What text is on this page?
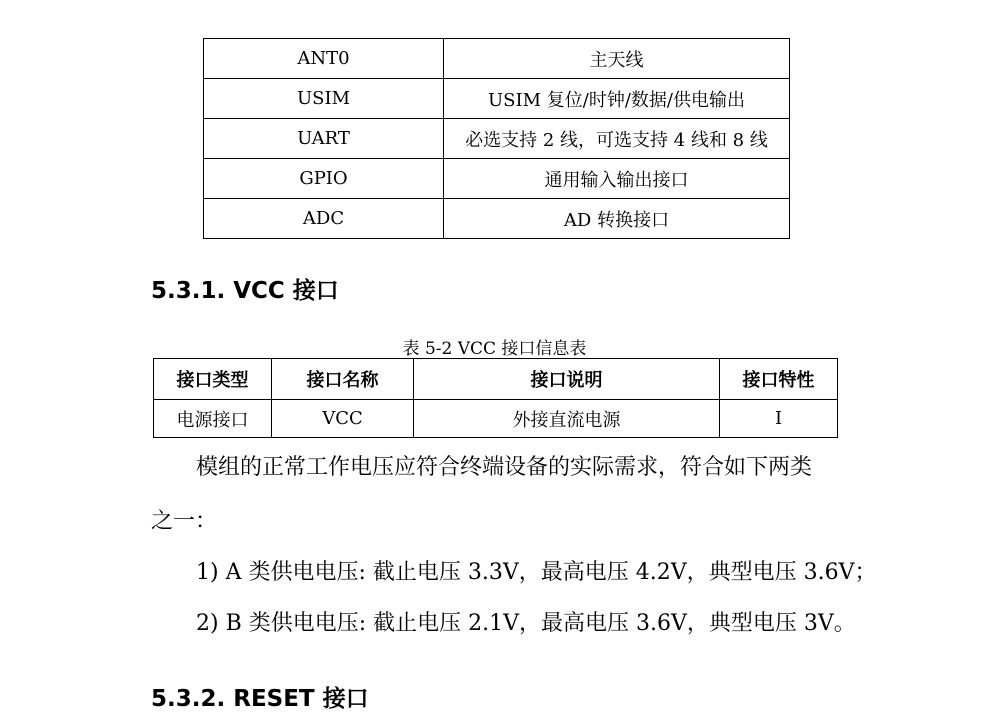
ANT0	主天线
USIM	USIM 复位/时钟/数据/供电输出
UART	必选支持 2 线，可选支持 4 线和 8 线
GPIO	通用输入输出接口
ADC	AD 转换接口
5.3.1. VCC 接口
表 5-2 VCC 接口信息表
接口类型	接口名称	接口说明	接口特性
电源接口	VCC	外接直流电源	I
模组的正常工作电压应符合终端设备的实际需求，符合如下两类
之一：
1) A 类供电电压: 截止电压 3.3V，最高电压 4.2V，典型电压 3.6V；
2) B 类供电电压: 截止电压 2.1V，最高电压 3.6V，典型电压 3V。
5.3.2. RESET 接口
